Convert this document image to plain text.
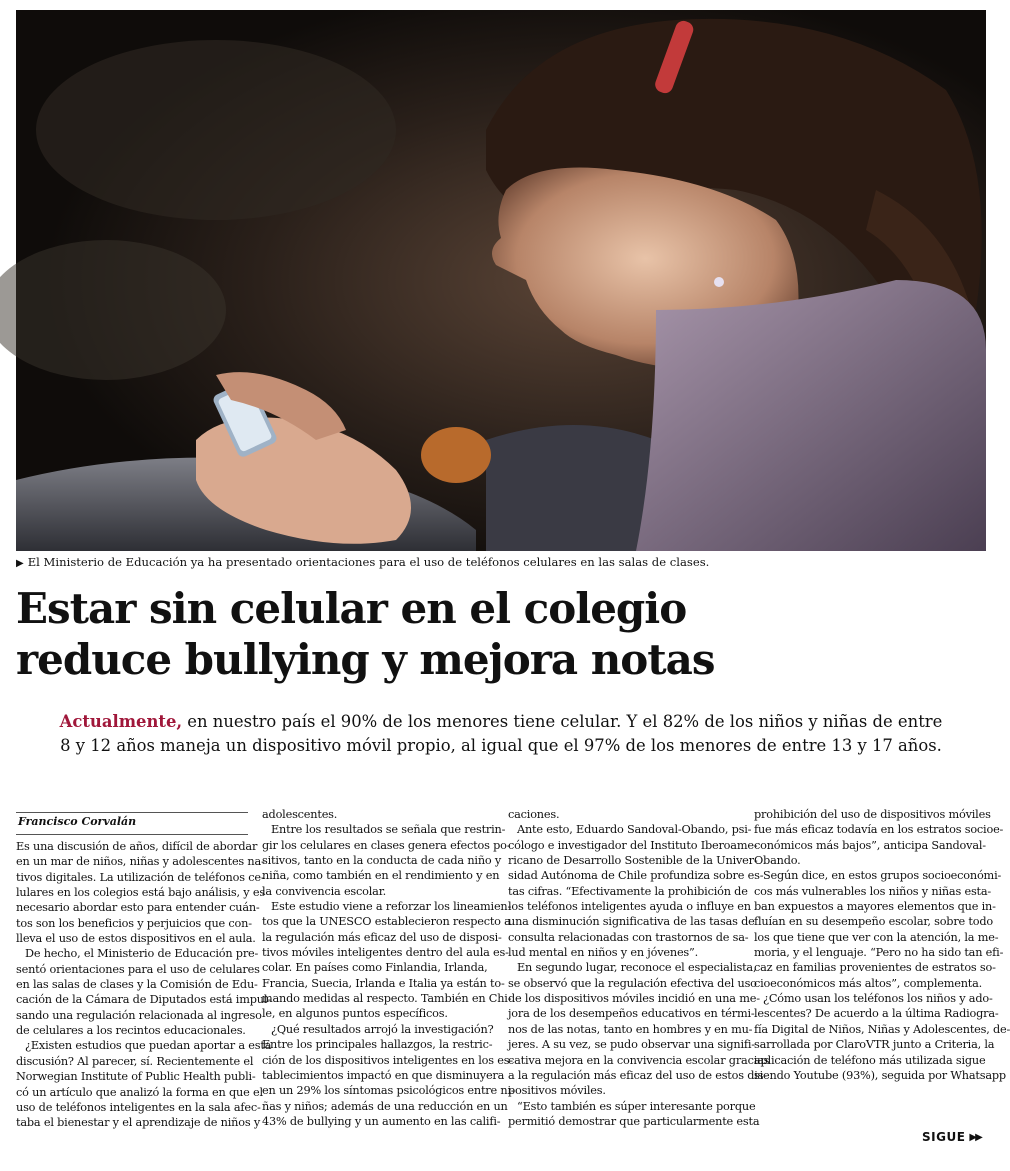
▶ El Ministerio de Educación ya ha presentado orientaciones para el uso de teléfonos celulares en las salas de clases.
Estar sin celular en el colegio
reduce bullying y mejora notas
Actualmente, en nuestro país el 90% de los menores tiene celular. Y el 82% de los niños y niñas de entre
8 y 12 años maneja un dispositivo móvil propio, al igual que el 97% de los menores de entre 13 y 17 años.
Francisco Corvalán
Es una discusión de años, difícil de abordar
en un mar de niños, niñas y adolescentes na-
tivos digitales. La utilización de teléfonos ce-
lulares en los colegios está bajo análisis, y es
necesario abordar esto para entender cuán-
tos son los beneficios y perjuicios que con-
lleva el uso de estos dispositivos en el aula.
De hecho, el Ministerio de Educación pre-
sentó orientaciones para el uso de celulares
en las salas de clases y la Comisión de Edu-
cación de la Cámara de Diputados está impul-
sando una regulación relacionada al ingreso
de celulares a los recintos educacionales.
¿Existen estudios que puedan aportar a esta
discusión? Al parecer, sí. Recientemente el
Norwegian Institute of Public Health publi-
có un artículo que analizó la forma en que el
uso de teléfonos inteligentes en la sala afec-
taba el bienestar y el aprendizaje de niños y
adolescentes.
Entre los resultados se señala que restrin-
gir los celulares en clases genera efectos po-
sitivos, tanto en la conducta de cada niño y
niña, como también en el rendimiento y en
la convivencia escolar.
Este estudio viene a reforzar los lineamien-
tos que la UNESCO establecieron respecto a
la regulación más eficaz del uso de disposi-
tivos móviles inteligentes dentro del aula es-
colar. En países como Finlandia, Irlanda,
Francia, Suecia, Irlanda e Italia ya están to-
mando medidas al respecto. También en Chi-
le, en algunos puntos específicos.
¿Qué resultados arrojó la investigación?
Entre los principales hallazgos, la restric-
ción de los dispositivos inteligentes en los es-
tablecimientos impactó en que disminuyera
en un 29% los síntomas psicológicos entre ni-
ñas y niños; además de una reducción en un
43% de bullying y un aumento en las califi-
caciones.
Ante esto, Eduardo Sandoval-Obando, psi-
cólogo e investigador del Instituto Iberoame-
ricano de Desarrollo Sostenible de la Univer-
sidad Autónoma de Chile profundiza sobre es-
tas cifras. “Efectivamente la prohibición de
los teléfonos inteligentes ayuda o influye en
una disminución significativa de las tasas de
consulta relacionadas con trastornos de sa-
lud mental en niños y en jóvenes”.
En segundo lugar, reconoce el especialista,
se observó que la regulación efectiva del uso
de los dispositivos móviles incidió en una me-
jora de los desempeños educativos en térmi-
nos de las notas, tanto en hombres y en mu-
jeres. A su vez, se pudo observar una signifi-
cativa mejora en la convivencia escolar gracias
a la regulación más eficaz del uso de estos dis-
positivos móviles.
“Esto también es súper interesante porque
permitió demostrar que particularmente esta
prohibición del uso de dispositivos móviles
fue más eficaz todavía en los estratos socioe-
conómicos más bajos”, anticipa Sandoval-
Obando.
Según dice, en estos grupos socioeconómi-
cos más vulnerables los niños y niñas esta-
ban expuestos a mayores elementos que in-
fluían en su desempeño escolar, sobre todo
los que tiene que ver con la atención, la me-
moria, y el lenguaje. “Pero no ha sido tan efi-
caz en familias provenientes de estratos so-
cioeconómicos más altos”, complementa.
¿Cómo usan los teléfonos los niños y ado-
lescentes? De acuerdo a la última Radiogra-
fía Digital de Niños, Niñas y Adolescentes, de-
sarrollada por ClaroVTR junto a Criteria, la
aplicación de teléfono más utilizada sigue
siendo Youtube (93%), seguida por Whatsapp
SIGUE ▶▶
